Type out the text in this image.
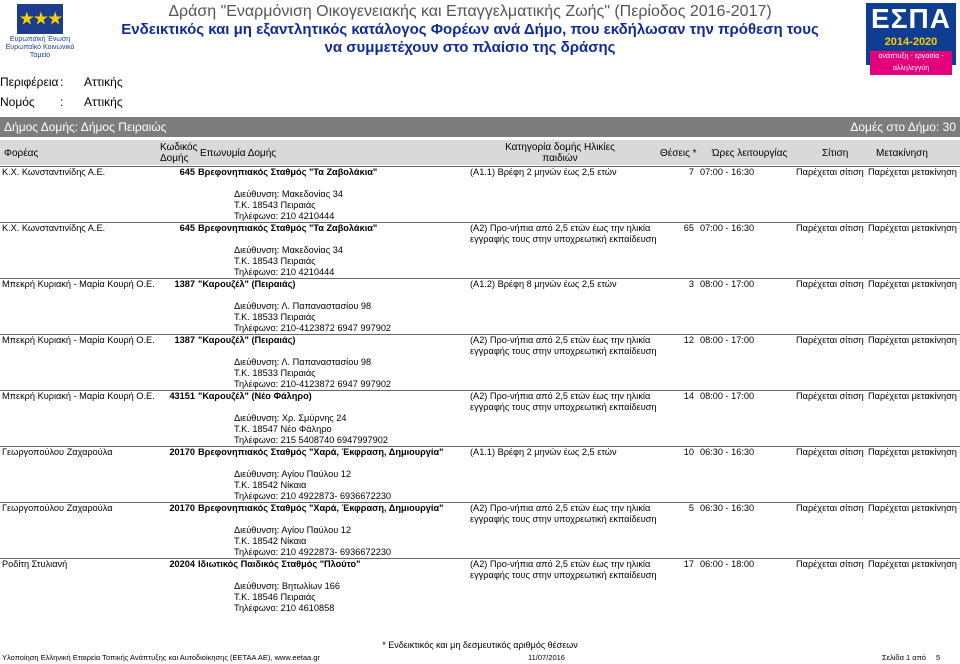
★★★
Ευρωπαϊκή Ένωση Ευρωπαϊκό Κοινωνικό Ταμείο
Δράση "Εναρμόνιση Οικογενειακής και Επαγγελματικής Ζωής" (Περίοδος 2016-2017)
Ενδεικτικός και μη εξαντλητικός κατάλογος Φορέων ανά Δήμο, που εκδήλωσαν την πρόθεση τους
να συμμετέχουν στο πλαίσιο της δράσης
ΕΣΠΑ
2014-2020
ανάπτυξη - εργασία - αλληλεγγύη
Περιφέρεια :	Αττικής
Νομός	:	Αττικής
Δήμος Δομής: Δήμος Πειραιώς	Δομές στο Δήμο: 30
Φορέας
Κωδικός Δομής	Επωνυμία Δομής
Κατηγορία δομής Ηλικίες παιδιών	Θέσεις * Ώρες λειτουργίας	Σίτιση	Μετακίνηση
Κ.Χ. Κωνσταντινίδης Α.Ε.	645	Βρεφονηπιακός Σταθμός "Τα Ζαβολάκια"
Διεύθυνση: Μακεδονίας 34
Τ.Κ. 18543 Πειραιάς
Τηλέφωνο: 210 4210444	(Α1.1) Βρέφη 2 μηνών έως 2,5 ετών	7	07:00 - 16:30	Παρέχεται σίτιση	Παρέχεται μετακίνηση
Κ.Χ. Κωνσταντινίδης Α.Ε.	645	Βρεφονηπιακός Σταθμός "Τα Ζαβολάκια"
Διεύθυνση: Μακεδονίας 34
Τ.Κ. 18543 Πειραιάς
Τηλέφωνο: 210 4210444	(Α2) Προ-νήπια από 2,5 ετών έως την ηλικία εγγραφής τους στην υποχρεωτική εκπαίδευση	65	07:00 - 16:30	Παρέχεται σίτιση	Παρέχεται μετακίνηση
Μπεκρή Κυριακή - Μαρία Κουρή Ο.Ε.	1387	"Καρουζέλ" (Πειραιάς)
Διεύθυνση: Λ. Παπαναστασίου 98
Τ.Κ. 18533 Πειραιάς
Τηλέφωνο: 210-4123872 6947 997902	(Α1.2) Βρέφη 8 μηνών έως 2,5 ετών	3	08:00 - 17:00	Παρέχεται σίτιση	Παρέχεται μετακίνηση
Μπεκρή Κυριακή - Μαρία Κουρή Ο.Ε.	1387	"Καρουζέλ" (Πειραιάς)
Διεύθυνση: Λ. Παπαναστασίου 98
Τ.Κ. 18533 Πειραιάς
Τηλέφωνο: 210-4123872 6947 997902	(Α2) Προ-νήπια από 2,5 ετών έως την ηλικία εγγραφής τους στην υποχρεωτική εκπαίδευση	12	08:00 - 17:00	Παρέχεται σίτιση	Παρέχεται μετακίνηση
Μπεκρή Κυριακή - Μαρία Κουρή Ο.Ε.	43151	"Καρουζέλ" (Νέο Φάληρο)
Διεύθυνση: Χρ. Σμύρνης 24
Τ.Κ. 18547 Νέο Φάληρο
Τηλέφωνο: 215 5408740 6947997902	(Α2) Προ-νήπια από 2,5 ετών έως την ηλικία εγγραφής τους στην υποχρεωτική εκπαίδευση	14	08:00 - 17:00	Παρέχεται σίτιση	Παρέχεται μετακίνηση
Γεωργοπούλου Ζαχαρούλα	20170	Βρεφονηπιακός Σταθμός "Χαρά, Έκφραση, Δημιουργία"
Διεύθυνση: Αγίου Παύλου 12
Τ.Κ. 18542 Νίκαια
Τηλέφωνο: 210 4922873- 6936672230	(Α1.1) Βρέφη 2 μηνών έως 2,5 ετών	10	06:30 - 16:30	Παρέχεται σίτιση	Παρέχεται μετακίνηση
Γεωργοπούλου Ζαχαρούλα	20170	Βρεφονηπιακός Σταθμός "Χαρά, Έκφραση, Δημιουργία"
Διεύθυνση: Αγίου Παύλου 12
Τ.Κ. 18542 Νίκαια
Τηλέφωνο: 210 4922873- 6936672230	(Α2) Προ-νήπια από 2,5 ετών έως την ηλικία εγγραφής τους στην υποχρεωτική εκπαίδευση	5	06:30 - 16:30	Παρέχεται σίτιση	Παρέχεται μετακίνηση
Ροδίτη Στυλιανή	20204	Ιδιωτικός Παιδικός Σταθμός "Πλούτο"
Διεύθυνση: Βητωλίων 166
Τ.Κ. 18546 Πειραιάς
Τηλέφωνο: 210 4610858	(Α2) Προ-νήπια από 2,5 ετών έως την ηλικία εγγραφής τους στην υποχρεωτική εκπαίδευση	17	06:00 - 18:00	Παρέχεται σίτιση	Παρέχεται μετακίνηση
* Ενδεικτικός και μη δεσμευτικός αριθμός θέσεων
Υλοποίηση Ελληνική Εταιρεία Τοπικής Ανάπτυξης και Αυτοδιοίκησης (ΕΕΤΑΑ ΑΕ), www.eetaa.gr	11/07/2016	Σελίδα 1 από 5
